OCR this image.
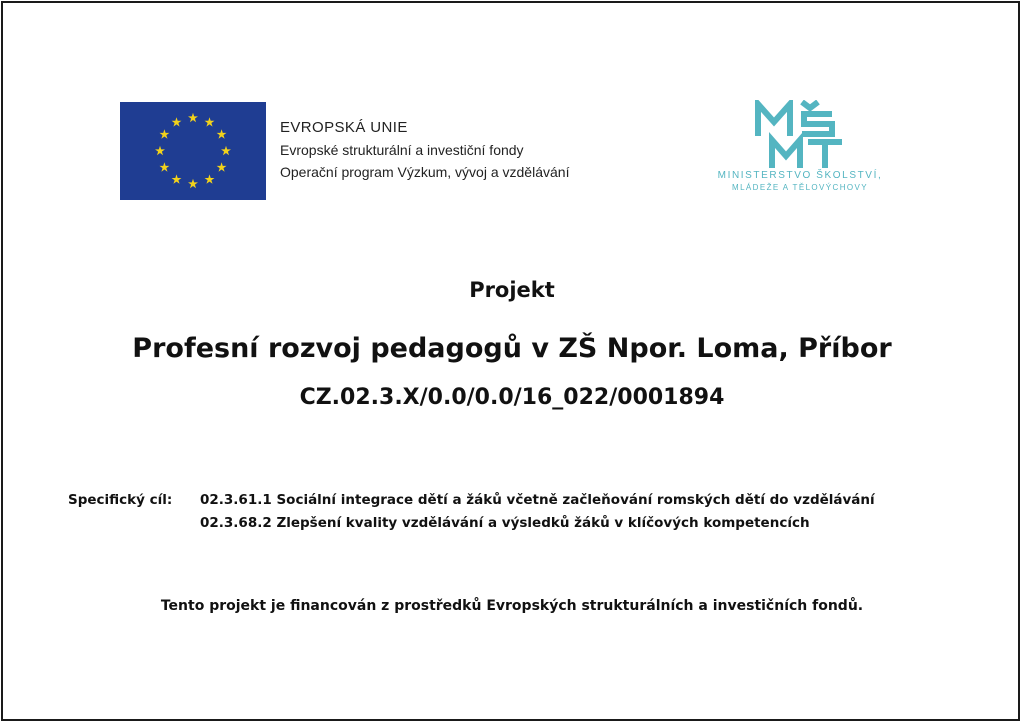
EVROPSKÁ UNIE
Evropské strukturální a investiční fondy
Operační program Výzkum, vývoj a vzdělávání	MINISTERSTVO ŠKOLSTVÍ,
MLÁDEŽE A TĚLOVÝCHOVY
Projekt
Profesní rozvoj pedagogů v ZŠ Npor. Loma, Příbor
CZ.02.3.X/0.0/0.0/16_022/0001894
Specifický cíl: 02.3.61.1 Sociální integrace dětí a žáků včetně začleňování romských dětí do vzdělávání
02.3.68.2 Zlepšení kvality vzdělávání a výsledků žáků v klíčových kompetencích
Tento projekt je financován z prostředků Evropských strukturálních a investičních fondů.
